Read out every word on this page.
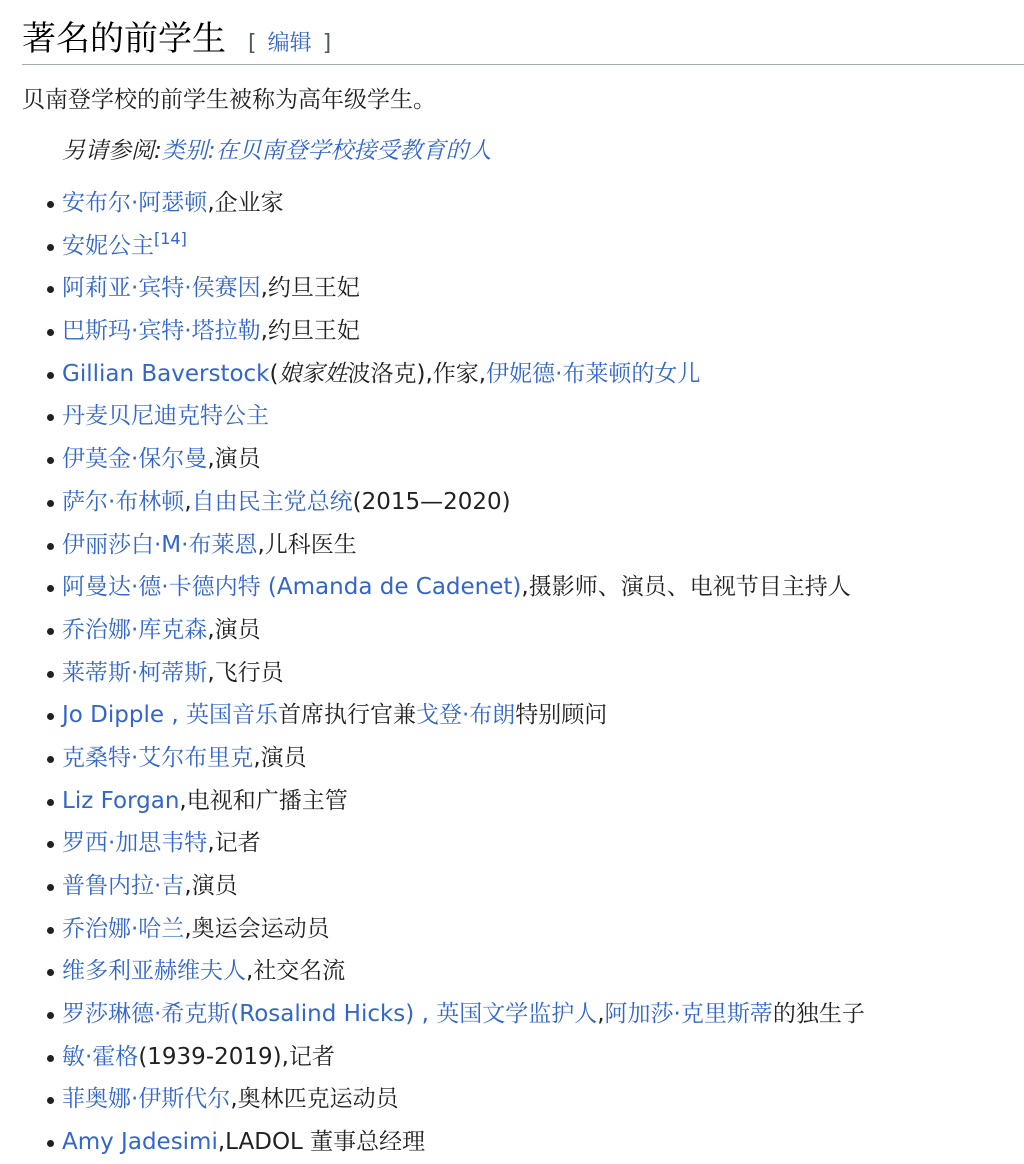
著名的前学生 [ 编辑 ]
贝南登学校的前学生被称为高年级学生。
另请参阅:类别:在贝南登学校接受教育的人
安布尔·阿瑟顿,企业家
安妮公主[14]
阿莉亚·宾特·侯赛因,约旦王妃
巴斯玛·宾特·塔拉勒,约旦王妃
Gillian Baverstock(娘家姓波洛克),作家,伊妮德·布莱顿的女儿
丹麦贝尼迪克特公主
伊莫金·保尔曼,演员
萨尔·布林顿,自由民主党总统(2015—2020)
伊丽莎白·M·布莱恩,儿科医生
阿曼达·德·卡德内特 (Amanda de Cadenet),摄影师、演员、电视节目主持人
乔治娜·库克森,演员
莱蒂斯·柯蒂斯,飞行员
Jo Dipple , 英国音乐首席执行官兼戈登·布朗特别顾问
克桑特·艾尔布里克,演员
Liz Forgan,电视和广播主管
罗西·加思韦特,记者
普鲁内拉·吉,演员
乔治娜·哈兰,奥运会运动员
维多利亚赫维夫人,社交名流
罗莎琳德·希克斯(Rosalind Hicks) , 英国文学监护人,阿加莎·克里斯蒂的独生子
敏·霍格(1939-2019),记者
菲奥娜·伊斯代尔,奥林匹克运动员
Amy Jadesimi,LADOL 董事总经理
